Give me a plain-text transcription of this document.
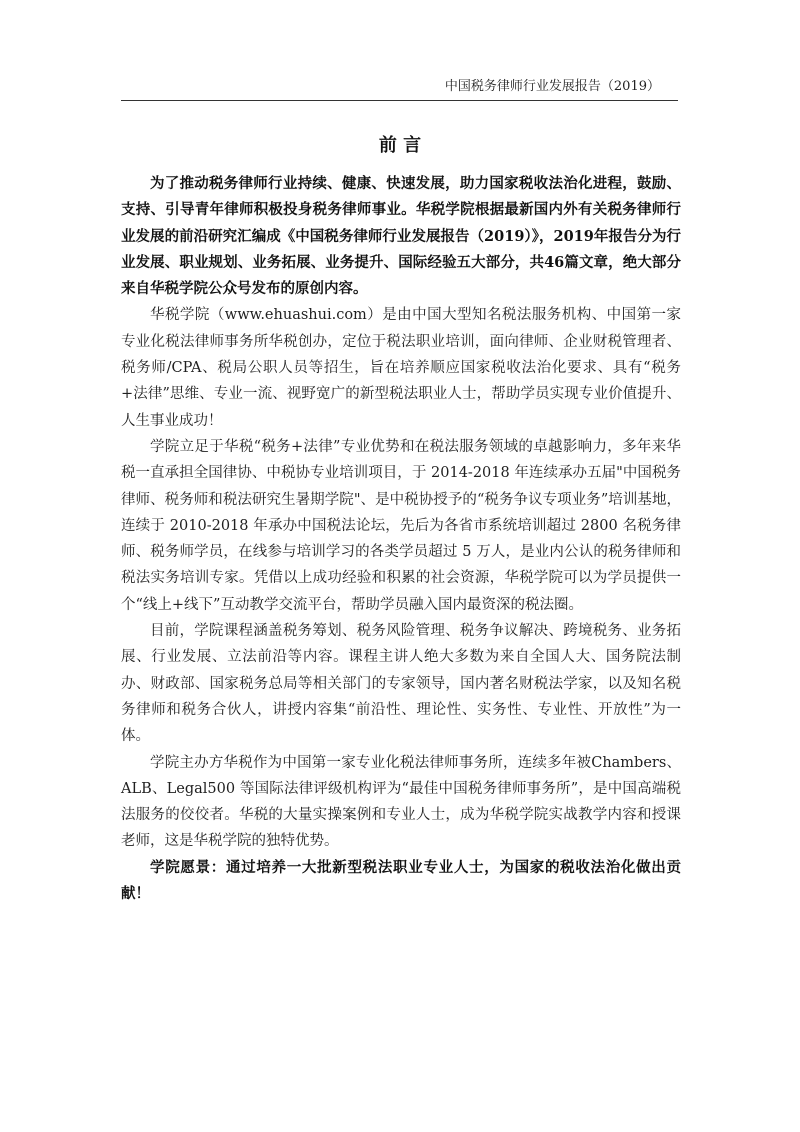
中国税务律师行业发展报告（2019）
前 言

为了推动税务律师行业持续、健康、快速发展，助力国家税收法治化进程，鼓励、支持、引导青年律师积极投身税务律师事业。华税学院根据最新国内外有关税务律师行业发展的前沿研究汇编成《中国税务律师行业发展报告（2019）》，2019年报告分为行业发展、职业规划、业务拓展、业务提升、国际经验五大部分，共46篇文章，绝大部分来自华税学院公众号发布的原创内容。

华税学院（www.ehuashui.com）是由中国大型知名税法服务机构、中国第一家专业化税法律师事务所华税创办，定位于税法职业培训，面向律师、企业财税管理者、税务师/CPA、税局公职人员等招生，旨在培养顺应国家税收法治化要求、具有“税务+法律”思维、专业一流、视野宽广的新型税法职业人士，帮助学员实现专业价值提升、人生事业成功！

学院立足于华税“税务+法律”专业优势和在税法服务领域的卓越影响力，多年来华税一直承担全国律协、中税协专业培训项目，于 2014-2018 年连续承办五届"中国税务律师、税务师和税法研究生暑期学院"、是中税协授予的“税务争议专项业务”培训基地，连续于 2010-2018 年承办中国税法论坛，先后为各省市系统培训超过 2800 名税务律师、税务师学员，在线参与培训学习的各类学员超过 5 万人，是业内公认的税务律师和税法实务培训专家。凭借以上成功经验和积累的社会资源，华税学院可以为学员提供一个“线上+线下”互动教学交流平台，帮助学员融入国内最资深的税法圈。

目前，学院课程涵盖税务筹划、税务风险管理、税务争议解决、跨境税务、业务拓展、行业发展、立法前沿等内容。课程主讲人绝大多数为来自全国人大、国务院法制办、财政部、国家税务总局等相关部门的专家领导，国内著名财税法学家，以及知名税务律师和税务合伙人，讲授内容集“前沿性、理论性、实务性、专业性、开放性”为一体。

学院主办方华税作为中国第一家专业化税法律师事务所，连续多年被Chambers、ALB、Legal500 等国际法律评级机构评为“最佳中国税务律师事务所”，是中国高端税法服务的佼佼者。华税的大量实操案例和专业人士，成为华税学院实战教学内容和授课老师，这是华税学院的独特优势。

学院愿景：通过培养一大批新型税法职业专业人士，为国家的税收法治化做出贡献！
